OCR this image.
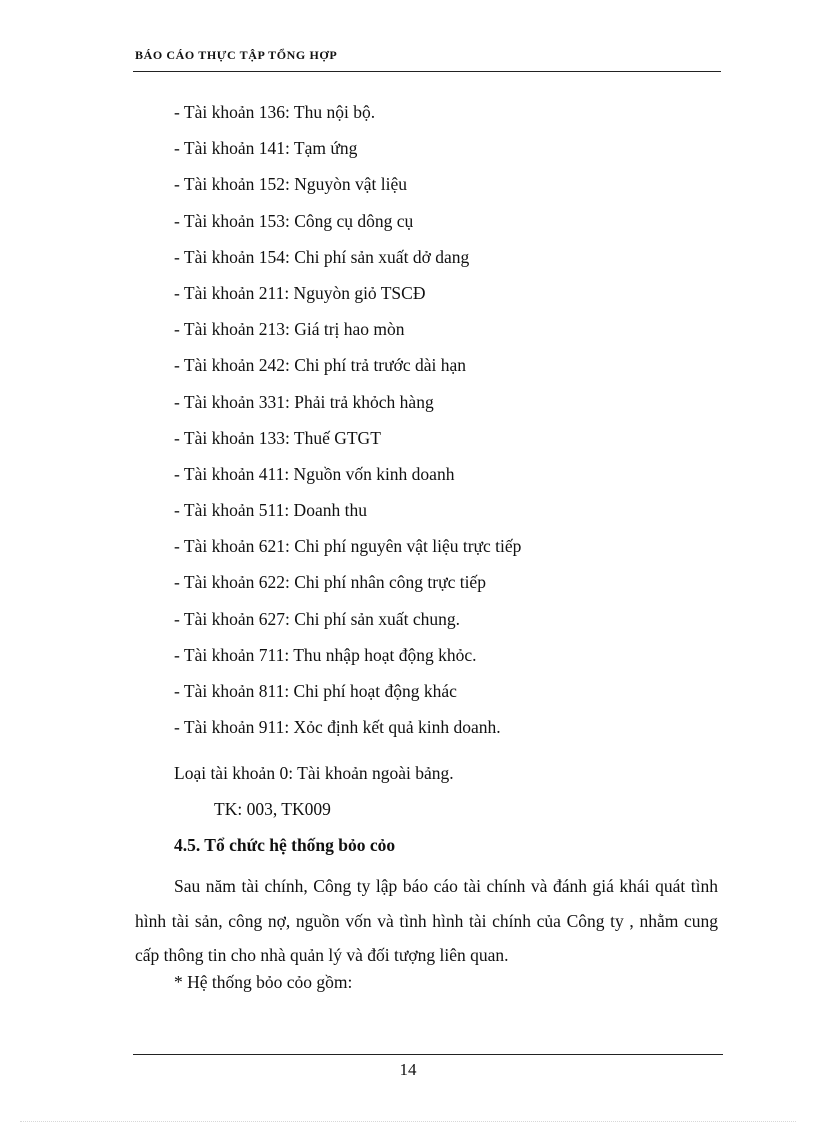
BÁO CÁO THỰC TẬP TỔNG HỢP
- Tài khoản 136: Thu nội bộ.
- Tài khoản 141: Tạm ứng
- Tài khoản 152: Nguyòn vật liệu
- Tài khoản 153: Công cụ dông cụ
- Tài khoản 154: Chi phí sản xuất dở dang
- Tài khoản 211: Nguyòn giỏ TSCĐ
- Tài khoản 213: Giá trị hao mòn
- Tài khoản 242: Chi phí trả trước dài hạn
- Tài khoản 331: Phải trả khỏch hàng
- Tài khoản 133: Thuế GTGT
- Tài khoản 411: Nguồn vốn kinh doanh
- Tài khoản 511: Doanh thu
- Tài khoản 621: Chi phí nguyên vật liệu trực tiếp
- Tài khoản 622: Chi phí nhân công trực tiếp
- Tài khoản 627: Chi phí sản xuất chung.
- Tài khoản 711: Thu nhập hoạt động khỏc.
- Tài khoản 811: Chi phí hoạt động khác
- Tài khoản 911: Xỏc định kết quả kinh doanh.
Loại tài khoản 0: Tài khoản ngoài bảng.
TK: 003, TK009
4.5. Tổ chức hệ thống bỏo cỏo

Sau năm tài chính, Công ty lập báo cáo tài chính và đánh giá khái quát tình hình tài sản, công nợ, nguồn vốn và tình hình tài chính của Công ty , nhằm cung cấp thông tin cho nhà quản lý và đối tượng liên quan.

* Hệ thống bỏo cỏo gồm:
14
